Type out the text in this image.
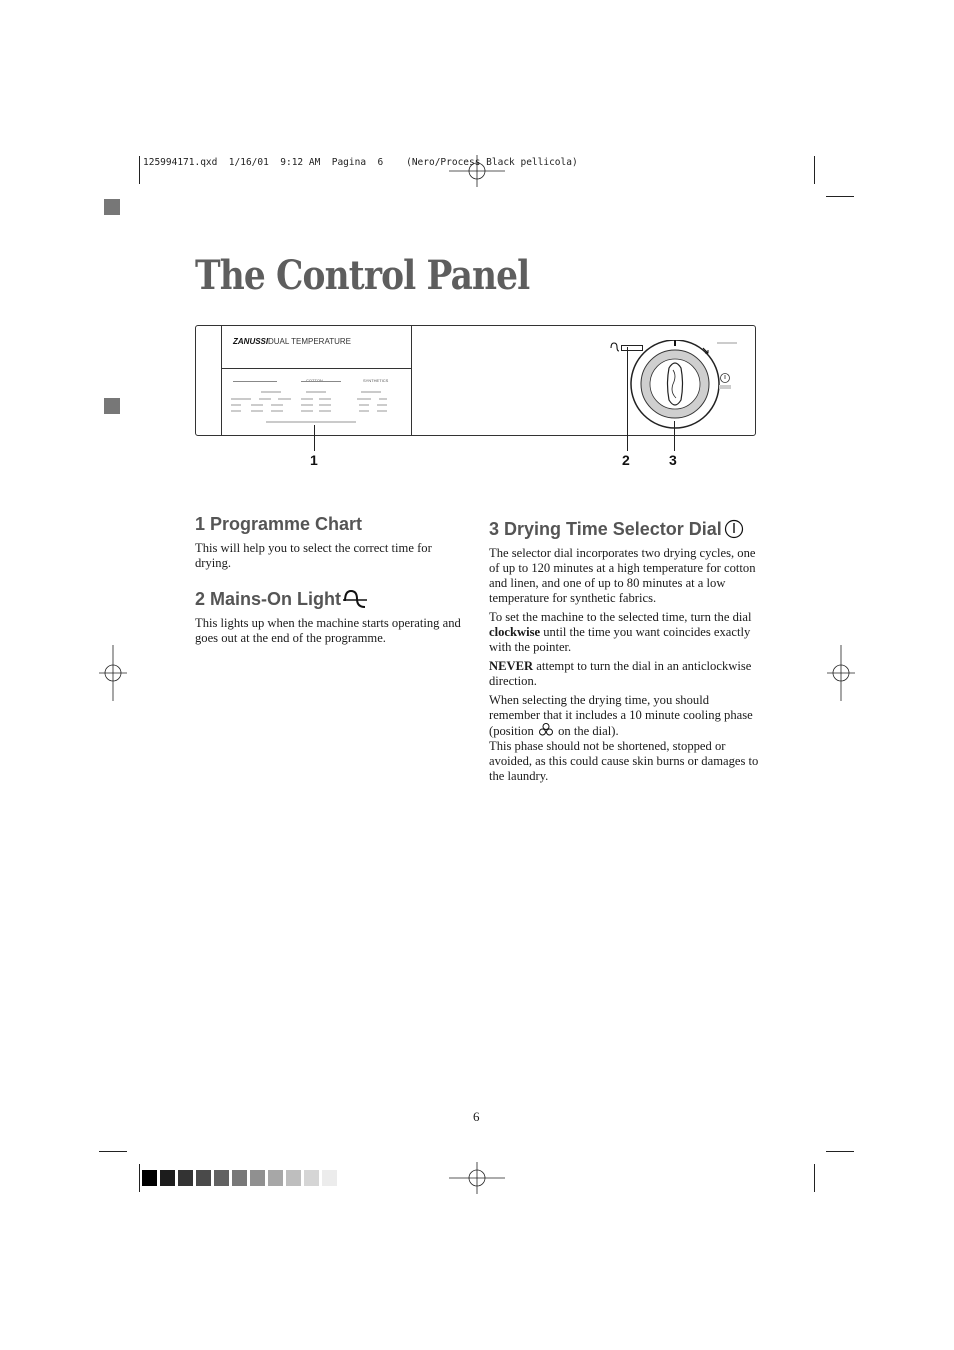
125994171.qxd  1/16/01  9:12 AM  Pagina  6    (Nero/Process Black pellicola)
The Control Panel
ZANUSSI DUAL TEMPERATURE
SYNTHETICS
1	2	3
1 Programme Chart

This will help you to select the correct time for drying.

2 Mains-On Light

This lights up when the machine starts operating and goes out at the end of the programme.

3 Drying Time Selector Dial

The selector dial incorporates two drying cycles, one of up to 120 minutes at a high temperature for cotton and linen, and one of up to 80 minutes at a low temperature for synthetic fabrics.

To set the machine to the selected time, turn the dial clockwise until the time you want coincides exactly with the pointer.

NEVER attempt to turn the dial in an anticlockwise direction.

When selecting the drying time, you should remember that it includes a 10 minute cooling phase (position  on the dial).

This phase should not be shortened, stopped or avoided, as this could cause skin burns or damages to the laundry.

6
